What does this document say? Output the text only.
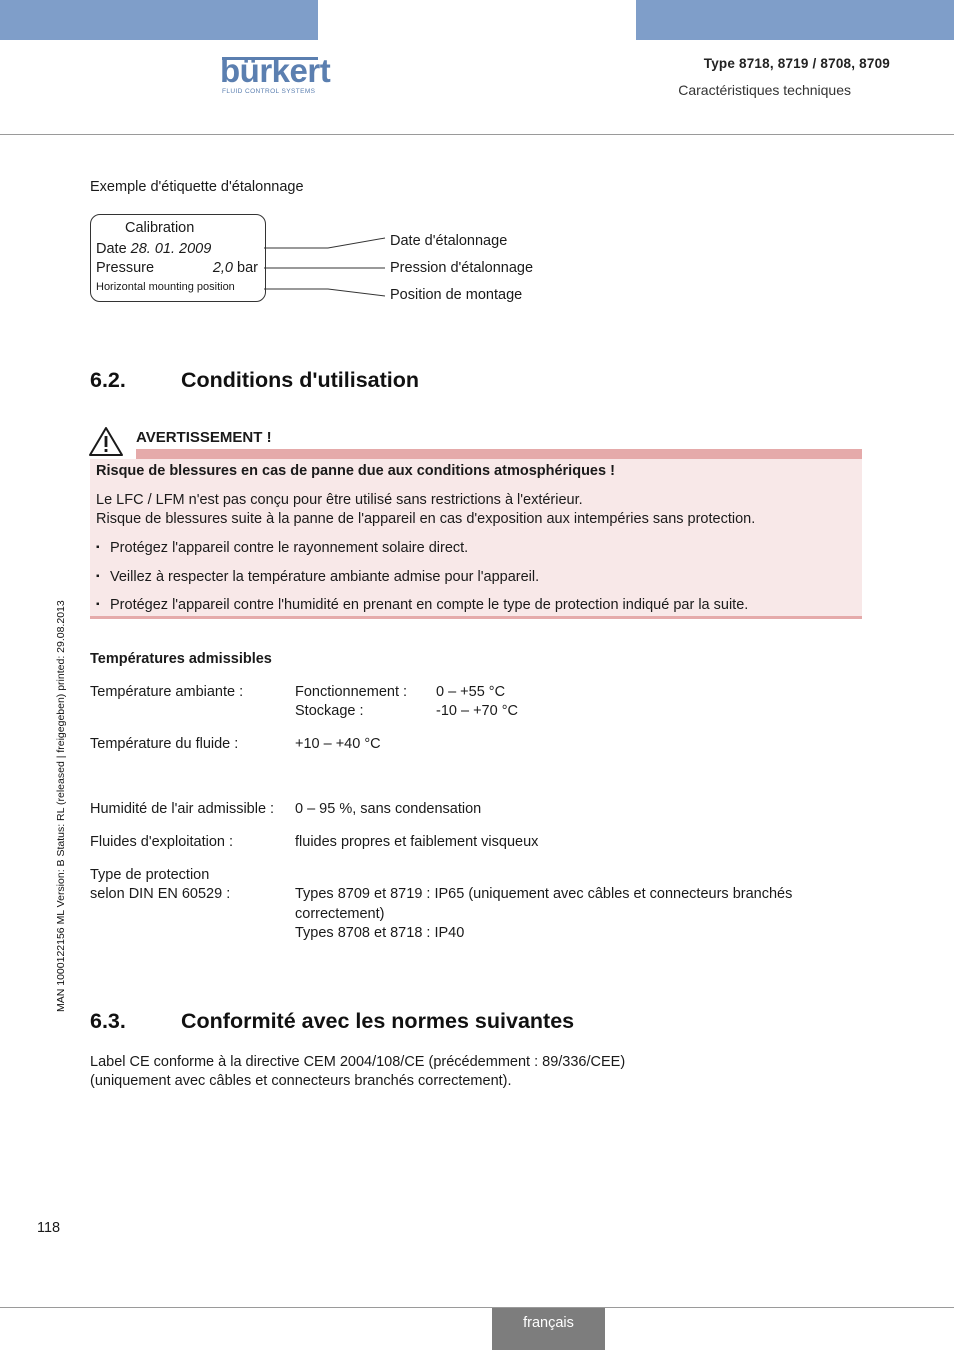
bürkert
FLUID CONTROL SYSTEMS
Type 8718, 8719 / 8708, 8709
Caractéristiques techniques
Exemple d'étiquette d'étalonnage
Calibration
Date 28. 01. 2009
Pressure	2,0 bar
Horizontal mounting position
Date d'étalonnage
Pression d'étalonnage
Position de montage
6.2.	Conditions d'utilisation
AVERTISSEMENT !
Risque de blessures en cas de panne due aux conditions atmosphériques !
Le LFC / LFM n'est pas conçu pour être utilisé sans restrictions à l'extérieur.
Risque de blessures suite à la panne de l'appareil en cas d'exposition aux intempéries sans protection.
▪ Protégez l'appareil contre le rayonnement solaire direct.
▪ Veillez à respecter la température ambiante admise pour l'appareil.
▪ Protégez l'appareil contre l'humidité en prenant en compte le type de protection indiqué par la suite.
Températures admissibles
Température ambiante :	Fonctionnement : 0 – +55 °C
Stockage :	-10 – +70 °C
Température du fluide :	+10 – +40 °C
Humidité de l'air admissible : 0 – 95 %, sans condensation
Fluides d'exploitation :	fluides propres et faiblement visqueux
Type de protection
selon DIN EN 60529 :	Types 8709 et 8719 : IP65 (uniquement avec câbles et connecteurs branchés
correctement)
Types 8708 et 8718 : IP40
6.3.	Conformité avec les normes suivantes
Label CE conforme à la directive CEM 2004/108/CE (précédemment : 89/336/CEE)
(uniquement avec câbles et connecteurs branchés correctement).
MAN 1000122156 ML Version: B Status: RL (released | freigegeben) printed: 29.08.2013
118
français
